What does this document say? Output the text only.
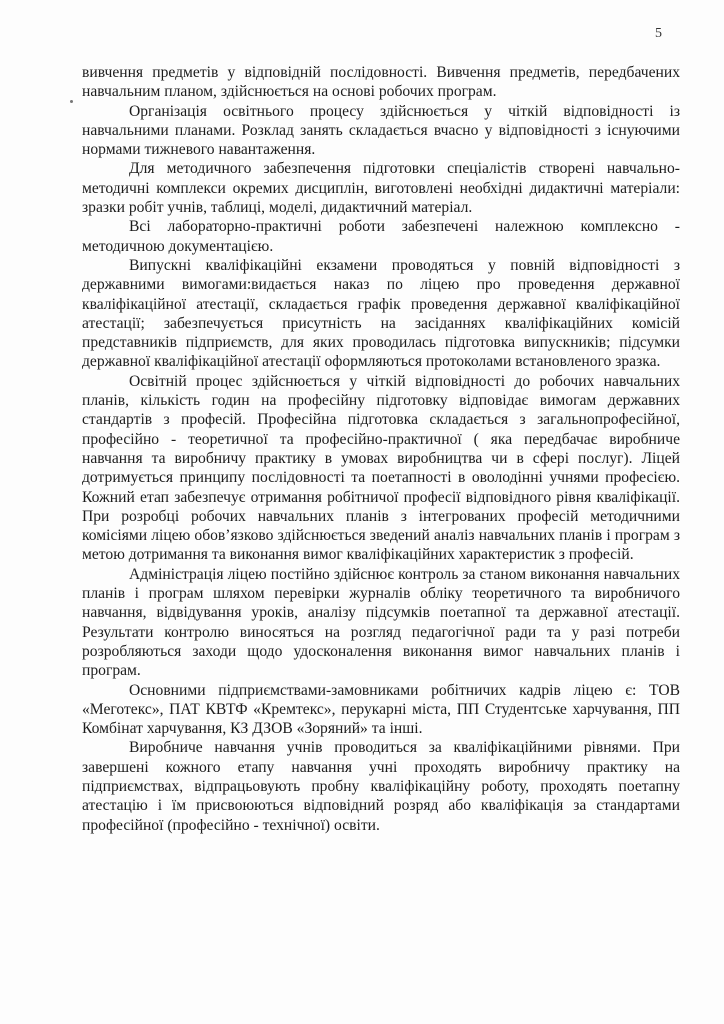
5

вивчення предметів у відповідній послідовності. Вивчення предметів, передбачених навчальним планом, здійснюється на основі робочих програм.

Організація освітнього процесу здійснюється у чіткій відповідності із навчальними планами. Розклад занять складається вчасно у відповідності з існуючими нормами тижневого навантаження.

Для методичного забезпечення підготовки спеціалістів створені навчально-методичні комплекси окремих дисциплін, виготовлені необхідні дидактичні матеріали: зразки робіт учнів, таблиці, моделі, дидактичний матеріал.

Всі лабораторно-практичні роботи забезпечені належною комплексно - методичною документацією.

Випускні кваліфікаційні екзамени проводяться у повній відповідності з державними вимогами:видається наказ по ліцею про проведення державної кваліфікаційної атестації, складається графік проведення державної кваліфікаційної атестації; забезпечується присутність на засіданнях кваліфікаційних комісій представників підприємств, для яких проводилась підготовка випускників; підсумки державної кваліфікаційної атестації оформляються протоколами встановленого зразка.

Освітній процес здійснюється у чіткій відповідності до робочих навчальних планів, кількість годин на професійну підготовку відповідає вимогам державних стандартів з професій. Професійна підготовка складається з загальнопрофесійної, професійно - теоретичної та професійно-практичної ( яка передбачає виробниче навчання та виробничу практику в умовах виробництва чи в сфері послуг). Ліцей дотримується принципу послідовності та поетапності в оволодінні учнями професією. Кожний етап забезпечує отримання робітничої професії відповідного рівня кваліфікації. При розробці робочих навчальних планів з інтегрованих професій методичними комісіями ліцею обов’язково здійснюється зведений аналіз навчальних планів і програм з метою дотримання та виконання вимог кваліфікаційних характеристик з професій.

Адміністрація ліцею постійно здійснює контроль за станом виконання навчальних планів і програм шляхом перевірки журналів обліку теоретичного та виробничого навчання, відвідування уроків, аналізу підсумків поетапної та державної атестації. Результати контролю виносяться на розгляд педагогічної ради та у разі потреби розробляються заходи щодо удосконалення виконання вимог навчальних планів і програм.

Основними підприємствами-замовниками робітничих кадрів ліцею є: ТОВ «Меготекс», ПАТ КВТФ «Кремтекс», перукарні міста, ПП Студентське харчування, ПП Комбінат харчування, КЗ ДЗОВ «Зоряний» та інші.

Виробниче навчання учнів проводиться за кваліфікаційними рівнями. При завершені кожного етапу навчання учні проходять виробничу практику на підприємствах, відпрацьовують пробну кваліфікаційну роботу, проходять поетапну атестацію і їм присвоюються відповідний розряд або кваліфікація за стандартами професійної (професійно - технічної) освіти.
